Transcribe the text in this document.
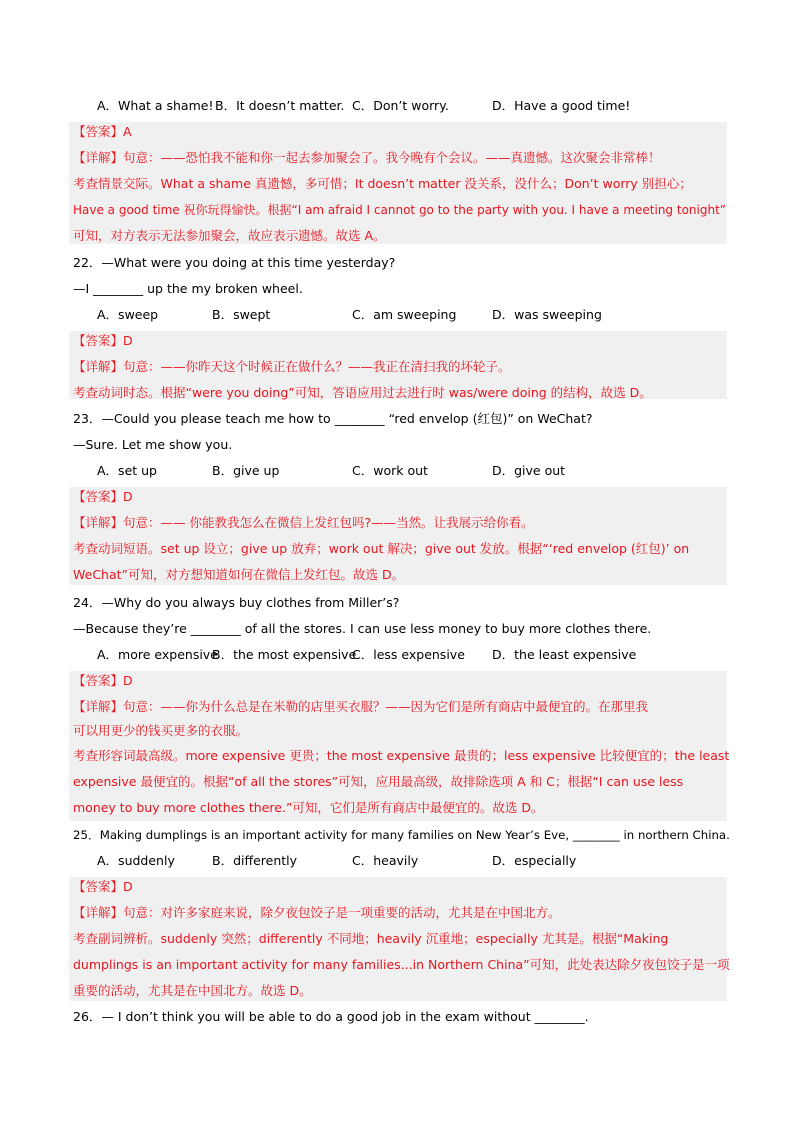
A．What a shame! B．It doesn’t matter. C．Don’t worry.	D．Have a good time!
【答案】A
【详解】句意：——恐怕我不能和你一起去参加聚会了。我今晚有个会议。——真遗憾。这次聚会非常棒！
考查情景交际。What a shame 真遗憾，多可惜；It doesn’t matter 没关系，没什么；Don’t worry 别担心；
Have a good time 祝你玩得愉快。根据“I am afraid I cannot go to the party with you. I have a meeting tonight”
可知，对方表示无法参加聚会，故应表示遗憾。故选 A。
22．—What were you doing at this time yesterday?
—I ________ up the my broken wheel.
A．sweep	B．swept	C．am sweeping	D．was sweeping
【答案】D
【详解】句意：——你昨天这个时候正在做什么？——我正在清扫我的坏轮子。
考查动词时态。根据“were you doing”可知，答语应用过去进行时 was/were doing 的结构，故选 D。
23．—Could you please teach me how to ________ “red envelop (红包)” on WeChat?
—Sure. Let me show you.
A．set up	B．give up	C．work out	D．give out
【答案】D
【详解】句意：—— 你能教我怎么在微信上发红包吗?——当然。让我展示给你看。
考查动词短语。set up 设立；give up 放弃；work out 解决；give out 发放。根据“‘red envelop (红包)’ on
WeChat”可知，对方想知道如何在微信上发红包。故选 D。
24．—Why do you always buy clothes from Miller’s?
—Because they’re ________ of all the stores. I can use less money to buy more clothes there.
A．more expensive
B．the most expensive
C．less expensive	D．the least expensive
【答案】D
【详解】句意：——你为什么总是在米勒的店里买衣服？——因为它们是所有商店中最便宜的。在那里我
可以用更少的钱买更多的衣服。
考查形容词最高级。more expensive 更贵；the most expensive 最贵的；less expensive 比较便宜的；the least
expensive 最便宜的。根据“of all the stores”可知，应用最高级，故排除选项 A 和 C；根据“I can use less
money to buy more clothes there.”可知，它们是所有商店中最便宜的。故选 D。
25．Making dumplings is an important activity for many families on New Year’s Eve, ________ in northern China.
A．suddenly	B．differently	C．heavily	D．especially
【答案】D
【详解】句意：对许多家庭来说，除夕夜包饺子是一项重要的活动，尤其是在中国北方。
考查副词辨析。suddenly 突然；differently 不同地；heavily 沉重地；especially 尤其是。根据“Making
dumplings is an important activity for many families...in Northern China”可知，此处表达除夕夜包饺子是一项
重要的活动，尤其是在中国北方。故选 D。
26．— I don’t think you will be able to do a good job in the exam without ________.
